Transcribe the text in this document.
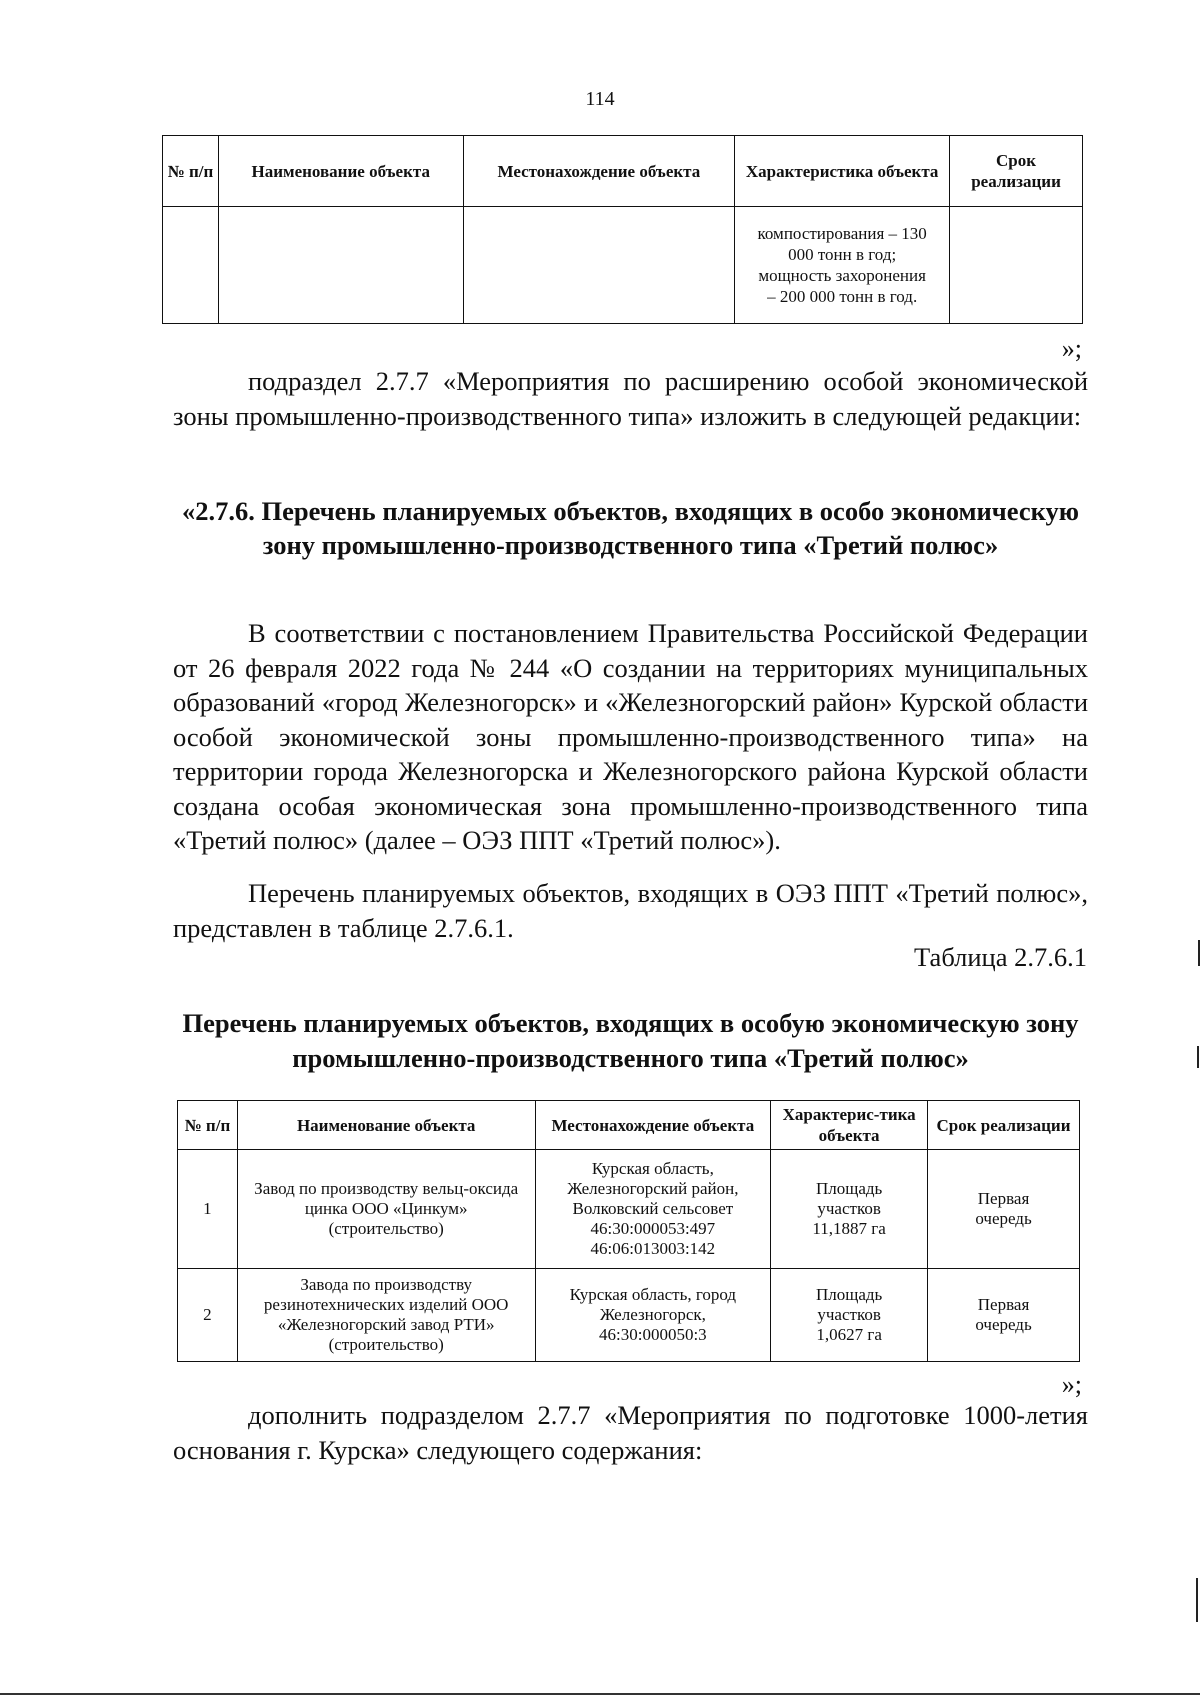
114
№ п/п	Наименование объекта	Местонахождение объекта	Характеристика объекта	Срок реализации
			компостирования – 130 000 тонн в год; мощность захоронения – 200 000 тонн в год.	
»;
подраздел 2.7.7 «Мероприятия по расширению особой экономической зоны промышленно-производственного типа» изложить в следующей редакции:
«2.7.6. Перечень планируемых объектов, входящих в особо экономическую зону промышленно-производственного типа «Третий полюс»
В соответствии с постановлением Правительства Российской Федерации от 26 февраля 2022 года № 244 «О создании на территориях муниципальных образований «город Железногорск» и «Железногорский район» Курской области особой экономической зоны промышленно-производственного типа» на территории города Железногорска и Железногорского района Курской области создана особая экономическая зона промышленно-производственного типа «Третий полюс» (далее – ОЭЗ ППТ «Третий полюс»).
Перечень планируемых объектов, входящих в ОЭЗ ППТ «Третий полюс», представлен в таблице 2.7.6.1.
Таблица 2.7.6.1
Перечень планируемых объектов, входящих в особую экономическую зону промышленно-производственного типа «Третий полюс»
№ п/п	Наименование объекта	Местонахождение объекта	Характерис-тика объекта	Срок реализации
1	Завод по производству вельц-оксида цинка ООО «Цинкум» (строительство)	Курская область, Железногорский район, Волковский сельсовет 46:30:000053:497 46:06:013003:142	Площадь участков 11,1887 га	Первая очередь
2	Завода по производству резинотехнических изделий ООО «Железногорский завод РТИ» (строительство)	Курская область, город Железногорск, 46:30:000050:3	Площадь участков 1,0627 га	Первая очередь
»;
дополнить подразделом 2.7.7 «Мероприятия по подготовке 1000-летия основания г. Курска» следующего содержания:
